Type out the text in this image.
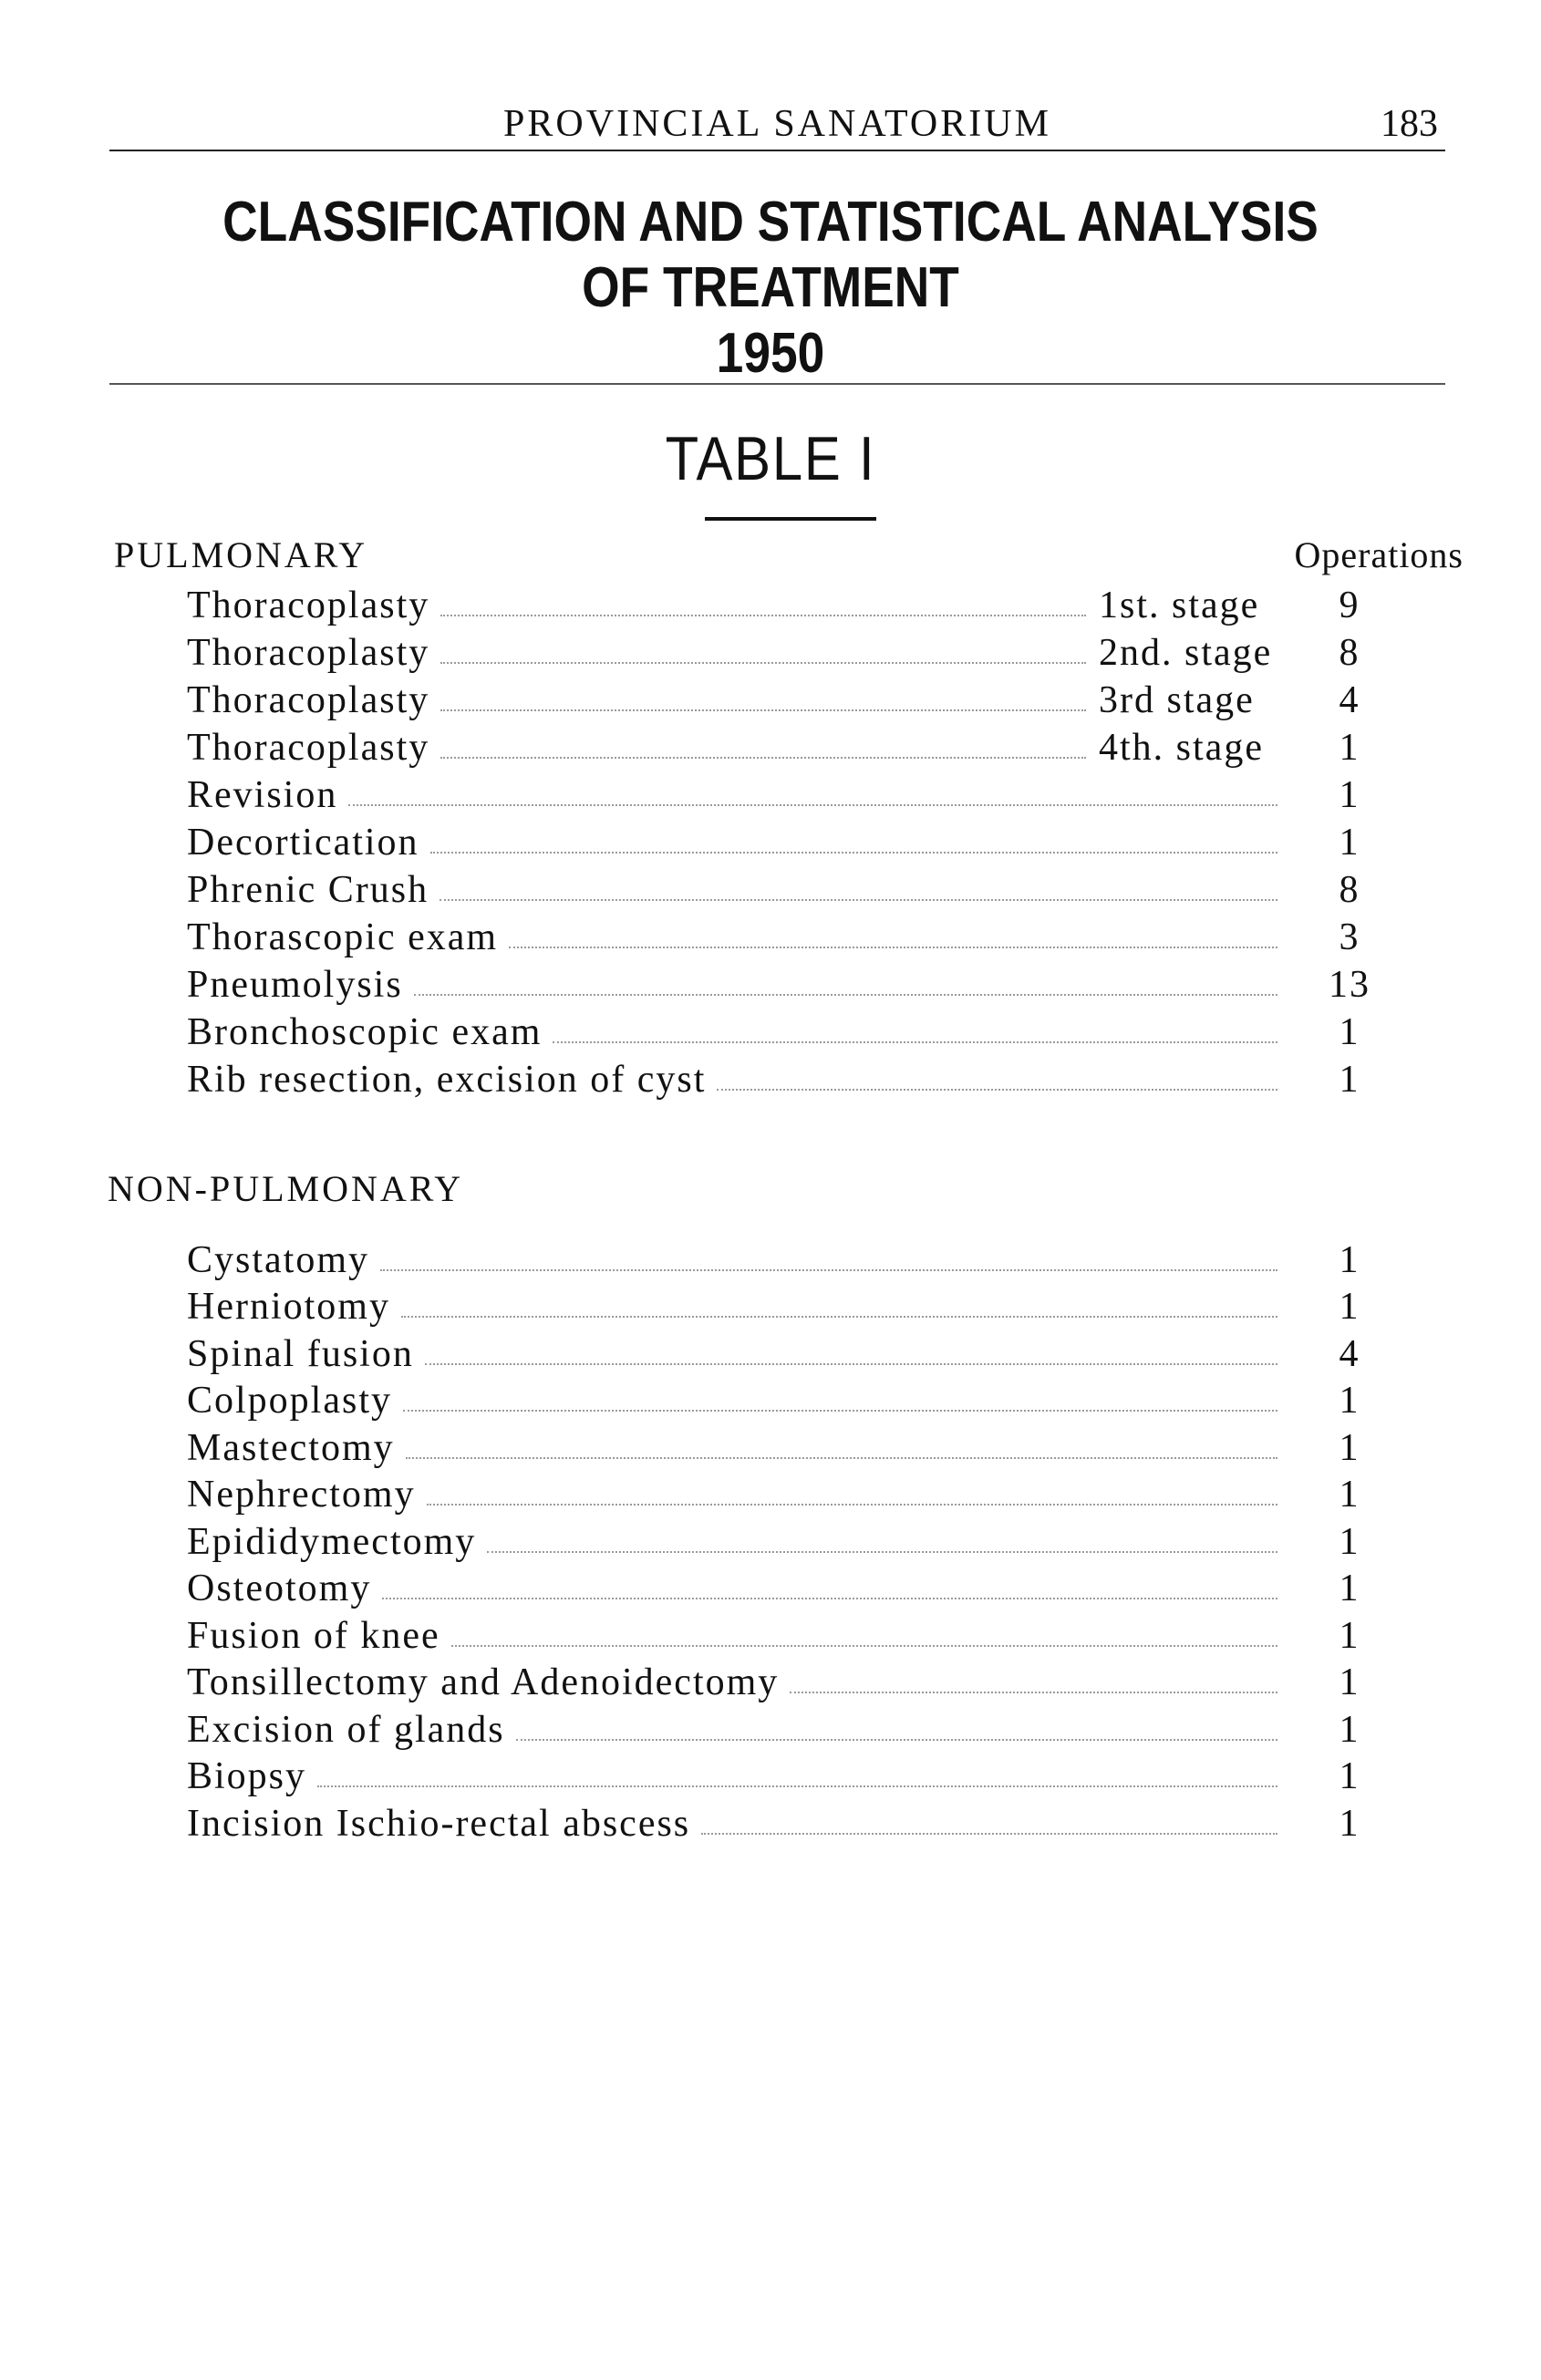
PROVINCIAL SANATORIUM	183
CLASSIFICATION AND STATISTICAL ANALYSIS
OF TREATMENT
1950
TABLE I
PULMONARY	Operations
Thoracoplasty	1st. stage	9
Thoracoplasty	2nd. stage	8
Thoracoplasty	3rd stage	4
Thoracoplasty	4th. stage	1
Revision	1
Decortication	1
Phrenic Crush	8
Thorascopic exam	3
Pneumolysis	13
Bronchoscopic exam	1
Rib resection, excision of cyst	1
NON-PULMONARY
Cystatomy	1
Herniotomy	1
Spinal fusion	4
Colpoplasty	1
Mastectomy	1
Nephrectomy	1
Epididymectomy	1
Osteotomy	1
Fusion of knee	1
Tonsillectomy and Adenoidectomy	1
Excision of glands	1
Biopsy	1
Incision Ischio-rectal abscess	1
